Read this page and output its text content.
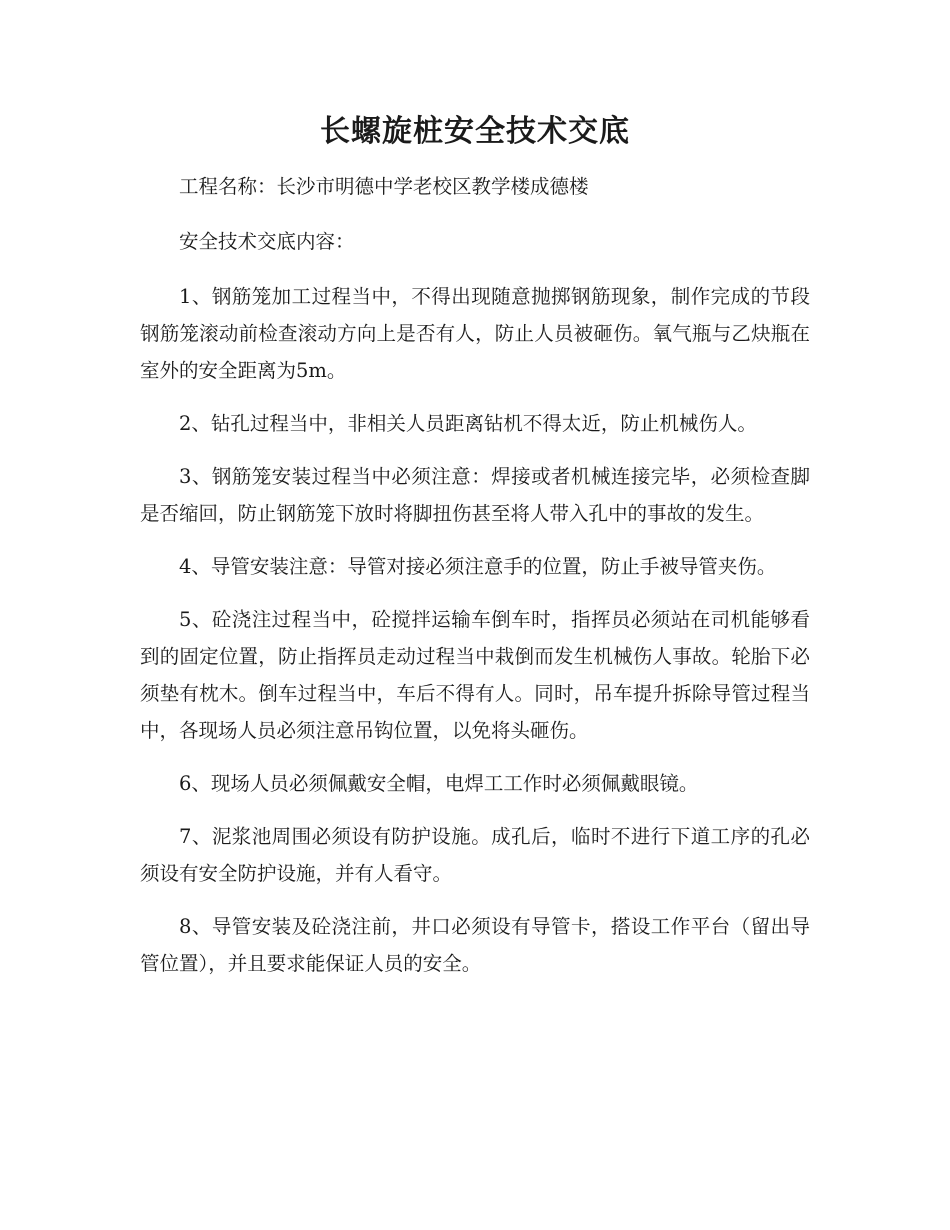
长螺旋桩安全技术交底

工程名称：长沙市明德中学老校区教学楼成德楼

安全技术交底内容：

1、钢筋笼加工过程当中，不得出现随意抛掷钢筋现象，制作完成的节段钢筋笼滚动前检查滚动方向上是否有人，防止人员被砸伤。氧气瓶与乙炔瓶在室外的安全距离为5m。

2、钻孔过程当中，非相关人员距离钻机不得太近，防止机械伤人。

3、钢筋笼安装过程当中必须注意：焊接或者机械连接完毕，必须检查脚是否缩回，防止钢筋笼下放时将脚扭伤甚至将人带入孔中的事故的发生。

4、导管安装注意：导管对接必须注意手的位置，防止手被导管夹伤。

5、砼浇注过程当中，砼搅拌运输车倒车时，指挥员必须站在司机能够看到的固定位置，防止指挥员走动过程当中栽倒而发生机械伤人事故。轮胎下必须垫有枕木。倒车过程当中，车后不得有人。同时，吊车提升拆除导管过程当中，各现场人员必须注意吊钩位置，以免将头砸伤。

6、现场人员必须佩戴安全帽，电焊工工作时必须佩戴眼镜。

7、泥浆池周围必须设有防护设施。成孔后，临时不进行下道工序的孔必须设有安全防护设施，并有人看守。

8、导管安装及砼浇注前，井口必须设有导管卡，搭设工作平台（留出导管位置），并且要求能保证人员的安全。
